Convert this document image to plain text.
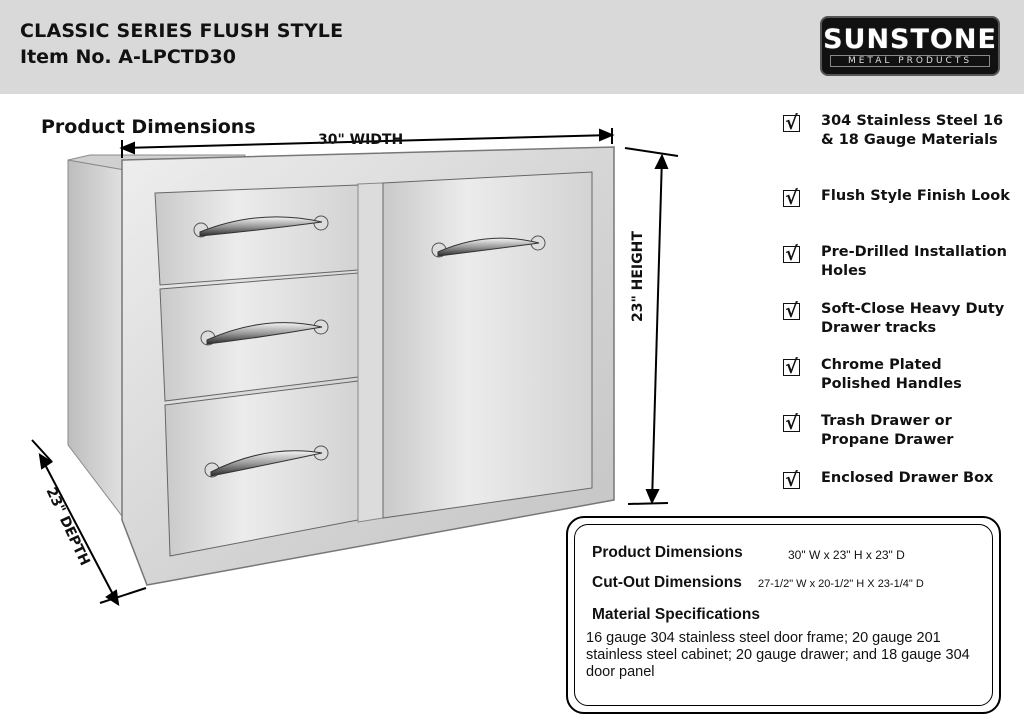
CLASSIC SERIES FLUSH STYLE
Item No. A-LPCTD30
SUNSTONE
METAL PRODUCTS
Product Dimensions
30" WIDTH
23" HEIGHT
23" DEPTH
√ 304 Stainless Steel 16 & 18 Gauge Materials
√ Flush Style Finish Look
√ Pre-Drilled Installation Holes
√ Soft-Close Heavy Duty Drawer tracks
√ Chrome Plated Polished Handles
√ Trash Drawer or Propane Drawer
√ Enclosed Drawer Box
Product Dimensions	30" W x 23" H x 23" D
Cut-Out Dimensions 27-1/2" W x 20-1/2" H X 23-1/4" D
Material Specifications
16 gauge 304 stainless steel door frame; 20 gauge 201 stainless steel cabinet; 20 gauge drawer; and 18 gauge 304 door panel
